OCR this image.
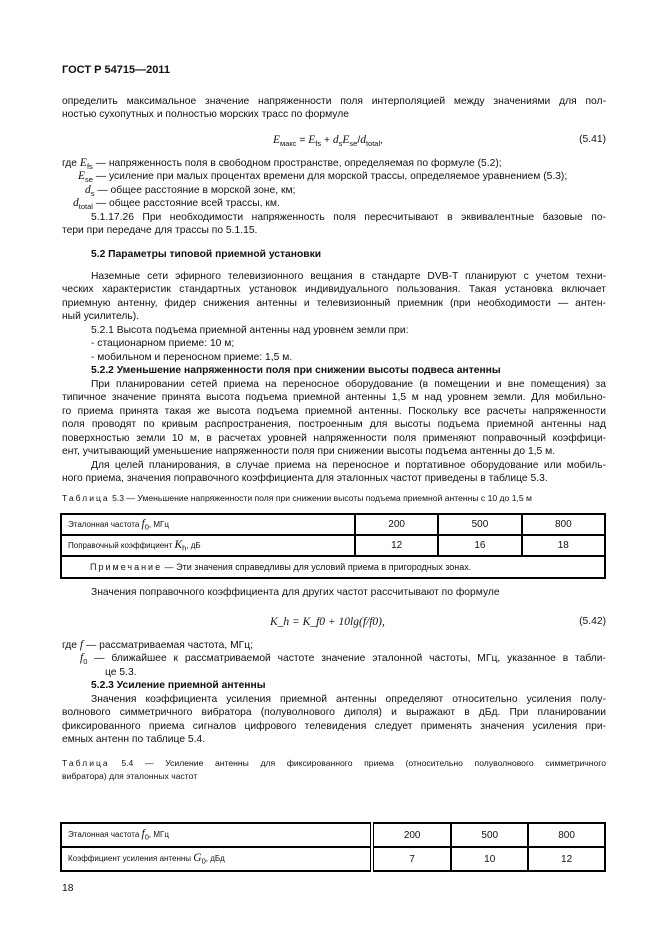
ГОСТ Р 54715—2011
определить максимальное значение напряженности поля интерполяцией между значениями для пол-
ностью сухопутных и полностью морских трасс по формуле
$E_{макс} = E_{fs} + d_sE_{se}/d_{total}$,	(5.41)
где $E_{fs}$ — напряженность поля в свободном пространстве, определяемая по формуле (5.2);
$E_{se}$ — усиление при малых процентах времени для морской трассы, определяемое уравнением (5.3);
$d_s$ — общее расстояние в морской зоне, км;
$d_{total}$ — общее расстояние всей трассы, км.
5.1.17.26 При необходимости напряженность поля пересчитывают в эквивалентные базовые по-
тери при передаче для трассы по 5.1.15.
5.2 Параметры типовой приемной установки
Наземные сети эфирного телевизионного вещания в стандарте DVB-T планируют с учетом техни-
ческих характеристик стандартных установок индивидуального пользования. Такая установка включает
приемную антенну, фидер снижения антенны и телевизионный приемник (при необходимости — антен-
ный усилитель).
5.2.1 Высота подъема приемной антенны над уровнем земли при:
- стационарном приеме: 10 м;
- мобильном и переносном приеме: 1,5 м.
5.2.2 Уменьшение напряженности поля при снижении высоты подвеса антенны
При планировании сетей приема на переносное оборудование (в помещении и вне помещения) за
типичное значение принята высота подъема приемной антенны 1,5 м над уровнем земли. Для мобильно-
го приема принята такая же высота подъема приемной антенны. Поскольку все расчеты напряженности
поля проводят по кривым распространения, построенным для высоты подъема приемной антенны над
поверхностью земли 10 м, в расчетах уровней напряженности поля применяют поправочный коэффици-
ент, учитывающий уменьшение напряженности поля при снижении высоты подъема антенны до 1,5 м.
Для целей планирования, в случае приема на переносное и портативное оборудование или мобиль-
ного приема, значения поправочного коэффициента для эталонных частот приведены в таблице 5.3.
Таблица 5.3 — Уменьшение напряженности поля при снижении высоты подъема приемной антенны с 10 до 1,5 м
Эталонная частота $f_0$, МГц	200	500	800
Поправочный коэффициент $K_h$, дБ	12	16	18
Примечание — Эти значения справедливы для условий приема в пригородных зонах.			
Значения поправочного коэффициента для других частот рассчитывают по формуле
K_h = K_f0 + 10lg(f/f0),	(5.42)
где f — рассматриваемая частота, МГц;
$f_0$ — ближайшее к рассматриваемой частоте значение эталонной частоты, МГц, указанное в табли-
це 5.3.
5.2.3 Усиление приемной антенны
Значения коэффициента усиления приемной антенны определяют относительно усиления полу-
волнового симметричного вибратора (полуволнового диполя) и выражают в дБд. При планировании
фиксированного приема сигналов цифрового телевидения следует применять значения усиления при-
емных антенн по таблице 5.4.
Таблица 5.4 — Усиление антенны для фиксированного приема (относительно полуволнового симметричного
вибратора) для эталонных частот
Эталонная частота $f_0$, МГц	200	500	800
Коэффициент усиления антенны $G_0$, дБд	7	10	12
18
